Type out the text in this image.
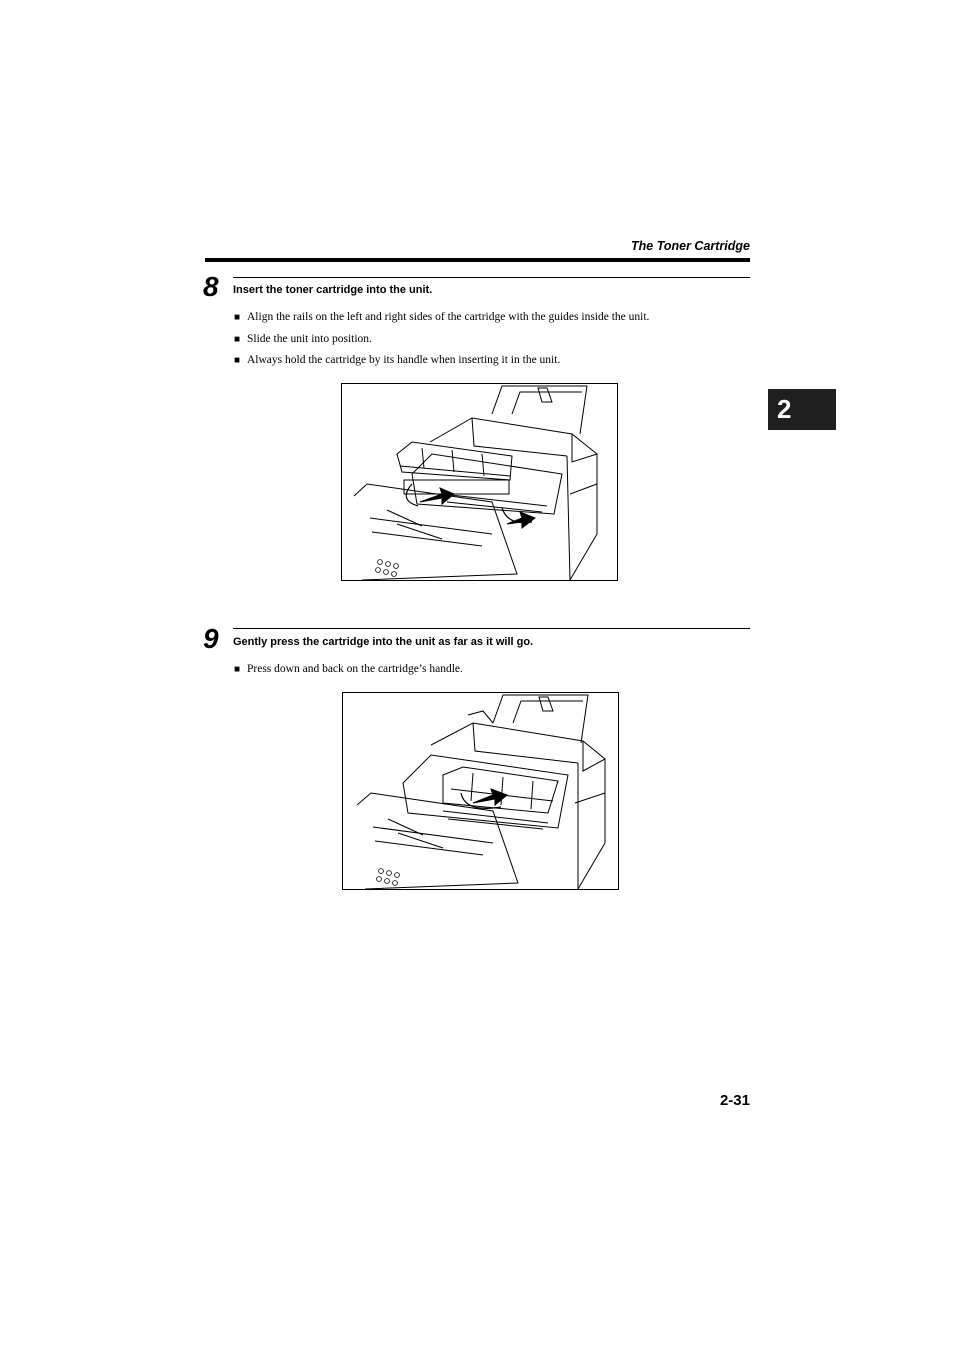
The Toner Cartridge
2
8 Insert the toner cartridge into the unit.
■ Align the rails on the left and right sides of the cartridge with the guides inside the unit.
■ Slide the unit into position.
■ Always hold the cartridge by its handle when inserting it in the unit.
9 Gently press the cartridge into the unit as far as it will go.
■ Press down and back on the cartridge’s handle.
2-31
